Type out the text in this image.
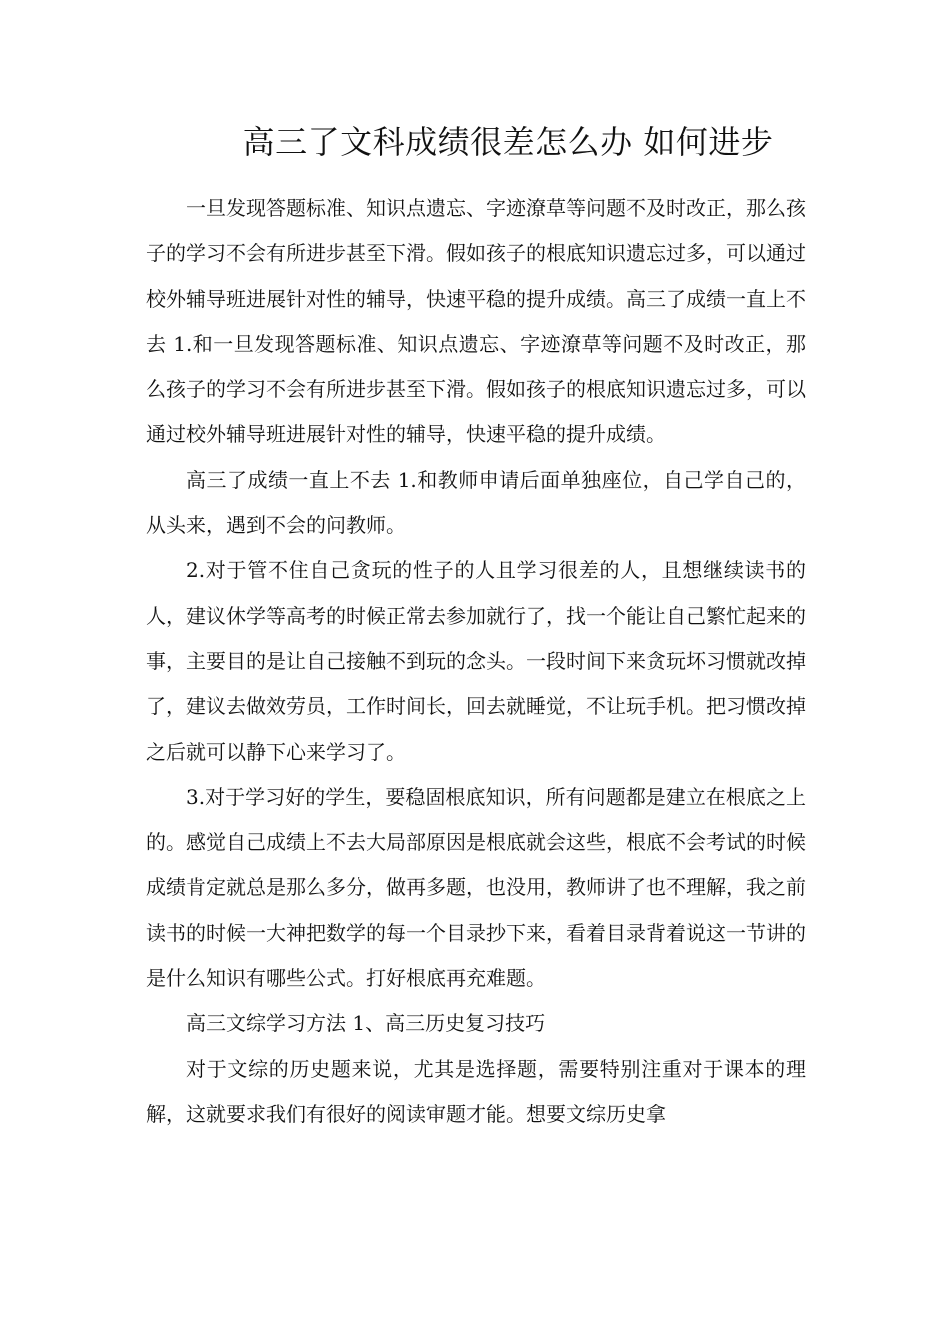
高三了文科成绩很差怎么办 如何进步

一旦发现答题标准、知识点遗忘、字迹潦草等问题不及时改正，那么孩子的学习不会有所进步甚至下滑。假如孩子的根底知识遗忘过多，可以通过校外辅导班进展针对性的辅导，快速平稳的提升成绩。高三了成绩一直上不去 1.和一旦发现答题标准、知识点遗忘、字迹潦草等问题不及时改正，那么孩子的学习不会有所进步甚至下滑。假如孩子的根底知识遗忘过多，可以通过校外辅导班进展针对性的辅导，快速平稳的提升成绩。

高三了成绩一直上不去 1.和教师申请后面单独座位，自己学自己的，从头来，遇到不会的问教师。

2.对于管不住自己贪玩的性子的人且学习很差的人，且想继续读书的人，建议休学等高考的时候正常去参加就行了，找一个能让自己繁忙起来的事，主要目的是让自己接触不到玩的念头。一段时间下来贪玩坏习惯就改掉了，建议去做效劳员，工作时间长，回去就睡觉，不让玩手机。把习惯改掉之后就可以静下心来学习了。

3.对于学习好的学生，要稳固根底知识，所有问题都是建立在根底之上的。感觉自己成绩上不去大局部原因是根底就会这些，根底不会考试的时候成绩肯定就总是那么多分，做再多题，也没用，教师讲了也不理解，我之前读书的时候一大神把数学的每一个目录抄下来，看着目录背着说这一节讲的是什么知识有哪些公式。打好根底再充难题。

高三文综学习方法 1、高三历史复习技巧

对于文综的历史题来说，尤其是选择题，需要特别注重对于课本的理解，这就要求我们有很好的阅读审题才能。想要文综历史拿
